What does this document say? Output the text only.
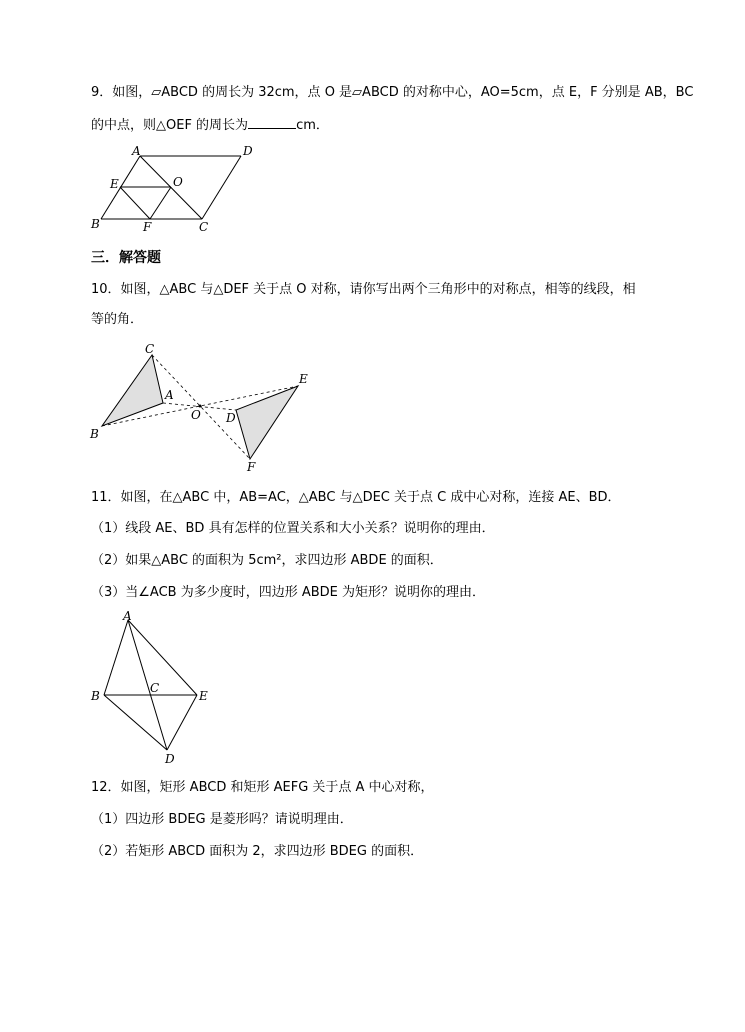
9．如图，▱ABCD 的周长为 32cm，点 O 是▱ABCD 的对称中心，AO=5cm，点 E，F 分别是 AB，BC
的中点，则△OEF 的周长为	cm．
A	D
E	O
B	F	C
三．解答题
10．如图，△ABC 与△DEF 关于点 O 对称，请你写出两个三角形中的对称点，相等的线段，相
等的角．
C
A
B
O
E
D
F
11．如图，在△ABC 中，AB=AC，△ABC 与△DEC 关于点 C 成中心对称，连接 AE、BD．
（1）线段 AE、BD 具有怎样的位置关系和大小关系？说明你的理由．
（2）如果△ABC 的面积为 5cm²，求四边形 ABDE 的面积．
（3）当∠ACB 为多少度时，四边形 ABDE 为矩形？说明你的理由．
A
B
C
E
D
12．如图，矩形 ABCD 和矩形 AEFG 关于点 A 中心对称，
（1）四边形 BDEG 是菱形吗？请说明理由．
（2）若矩形 ABCD 面积为 2，求四边形 BDEG 的面积．
